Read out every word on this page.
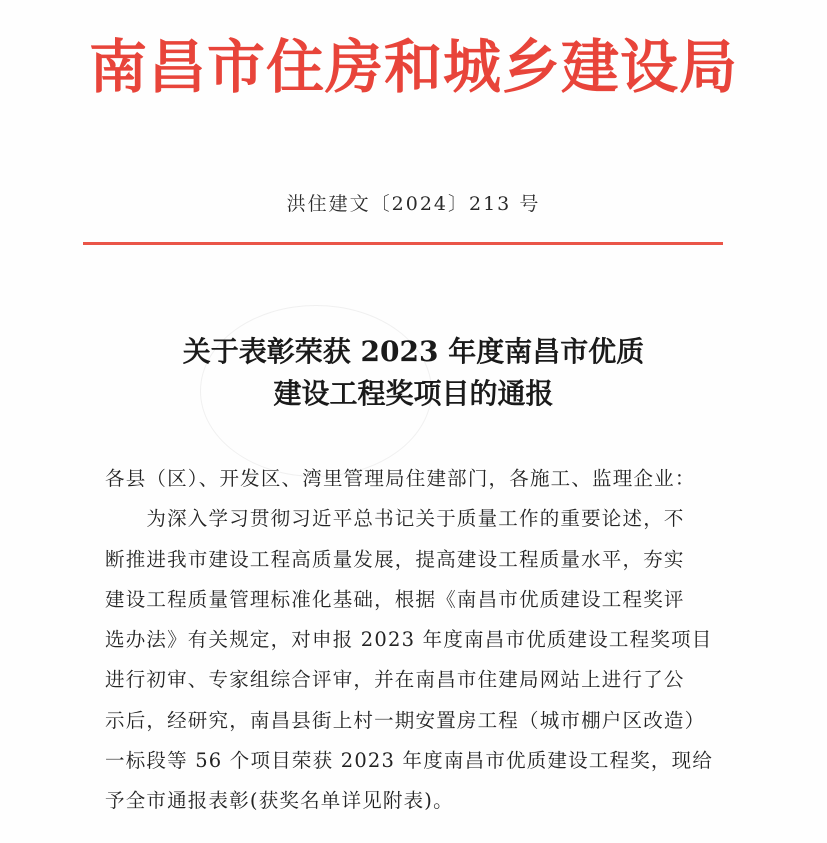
南昌市住房和城乡建设局
洪住建文〔2024〕213 号
关于表彰荣获 2023 年度南昌市优质
建设工程奖项目的通报
各县（区）、开发区、湾里管理局住建部门，各施工、监理企业：
　　为深入学习贯彻习近平总书记关于质量工作的重要论述，不
断推进我市建设工程高质量发展，提高建设工程质量水平，夯实
建设工程质量管理标准化基础，根据《南昌市优质建设工程奖评
选办法》有关规定，对申报 2023 年度南昌市优质建设工程奖项目
进行初审、专家组综合评审，并在南昌市住建局网站上进行了公
示后，经研究，南昌县街上村一期安置房工程（城市棚户区改造）
一标段等 56 个项目荣获 2023 年度南昌市优质建设工程奖，现给
予全市通报表彰(获奖名单详见附表)。
